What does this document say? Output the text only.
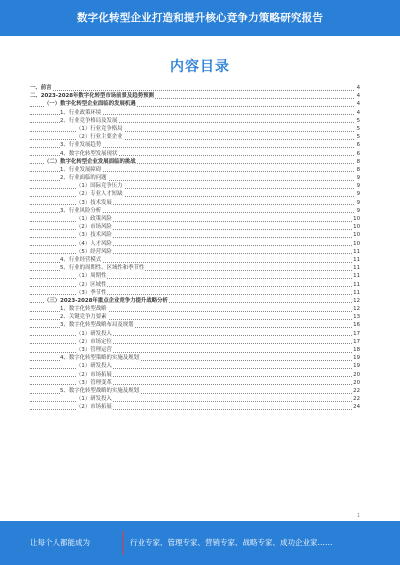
数字化转型企业打造和提升核心竞争力策略研究报告
内容目录
一、前言	4
二、2023-2028年数字化转型市场前景及趋势预测	4
（一）数字化转型企业面临的发展机遇	4
1、行业政策环境	4
2、行业竞争格局及发展	5
（1）行业竞争格局	5
（2）行业主要企业	5
3、行业发展趋势	6
4、数字化转型发展现状	6
（二）数字化转型企业发展面临的挑战	8
1、行业发展障碍	8
2、行业面临的问题	9
（1）国际竞争压力	9
（2）专业人才短缺	9
（3）技术发展	9
3、行业风险分析	9
（1）政策风险	10
（2）市场风险	10
（3）技术风险	10
（4）人才风险	10
（5）经营风险	11
4、行业经营模式	11
5、行业的周期性、区域性和季节性	11
（1）周期性	11
（2）区域性	11
（3）季节性	11
（三）2023-2028年重点企业竞争力提升战略分析	12
1、数字化转型战略	12
2、关键竞争力要素	13
3、数字化转型战略布局及规划	16
（1）研发投入	17
（2）市场定位	17
（3）管理运营	18
4、数字化转型策略的实施及规划	19
（1）研发投入	19
（2）市场拓展	20
（3）管理变革	20
5、数字化转型战略的实施及规划	22
（1）研发投入	22
（2）市场拓展	24
1
让每个人都能成为	行业专家、管理专家、营销专家、战略专家、成功企业家……
